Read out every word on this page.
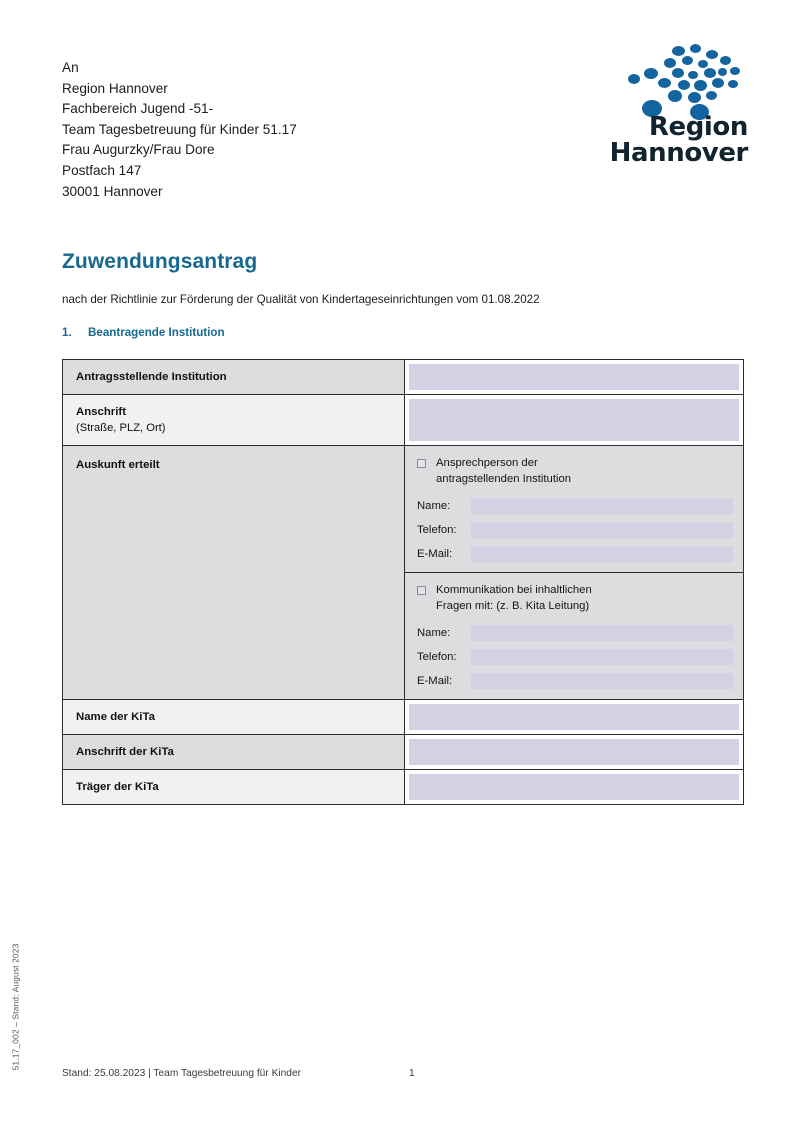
51.17_002 – Stand: August 2023
An
Region Hannover
Fachbereich Jugend -51-
Team Tagesbetreuung für Kinder 51.17
Frau Augurzky/Frau Dore
Postfach 147
30001 Hannover
Region Hannover
Zuwendungsantrag
nach der Richtlinie zur Förderung der Qualität von Kindertageseinrichtungen vom 01.08.2022
1. Beantragende Institution
Antragsstellende Institution
Anschrift
(Straße, PLZ, Ort)
Auskunft erteilt	Ansprechperson der
antragstellenden Institution
Name:
Telefon:
E-Mail:
Kommunikation bei inhaltlichen
Fragen mit: (z. B. Kita Leitung)
Name:
Telefon:
E-Mail:
Name der KiTa
Anschrift der KiTa
Träger der KiTa
Stand: 25.08.2023 | Team Tagesbetreuung für Kinder	1
